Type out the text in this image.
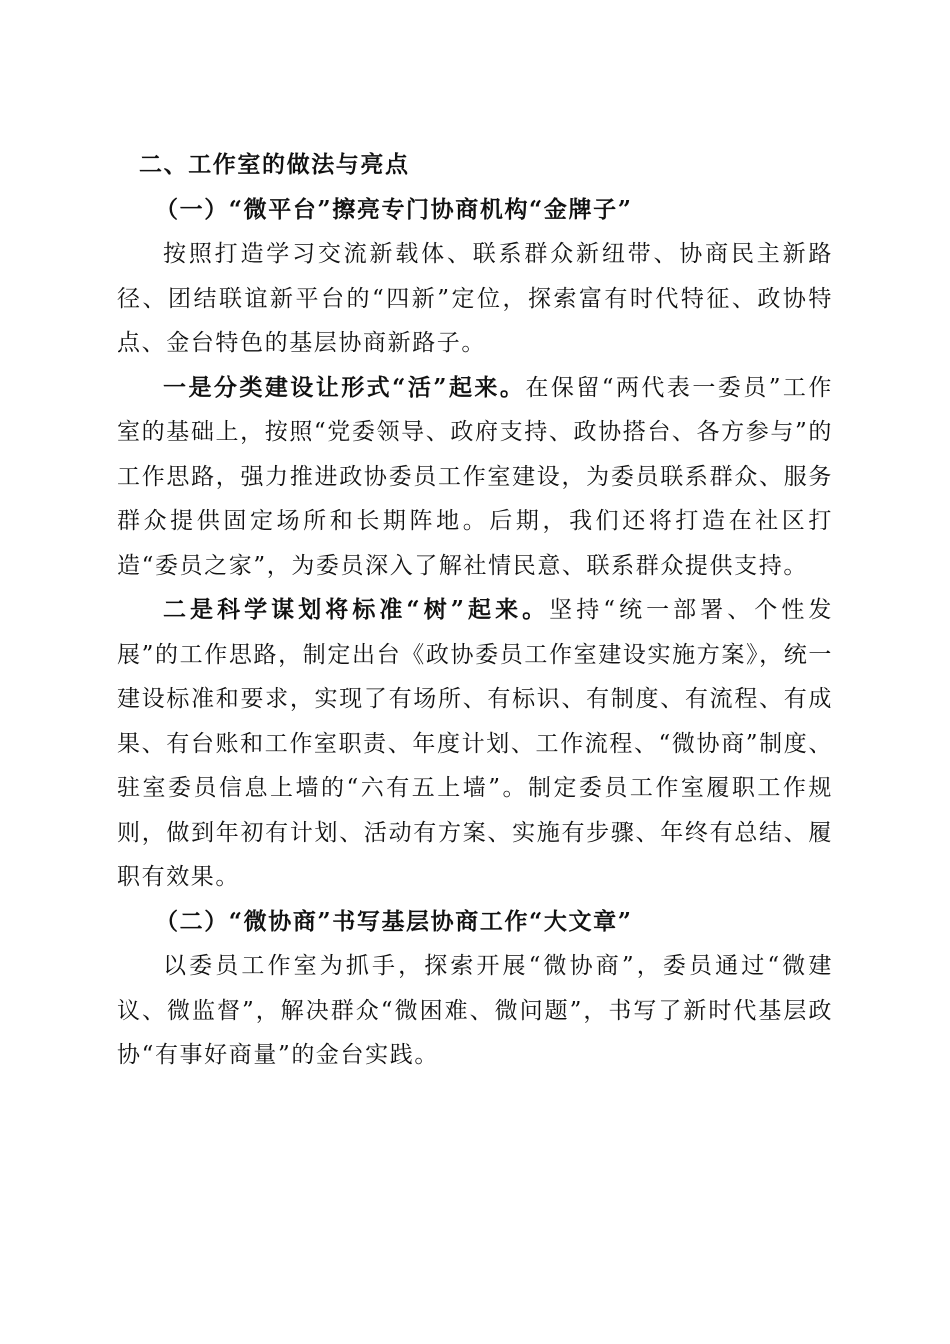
二、工作室的做法与亮点

（一）“微平台”擦亮专门协商机构“金牌子”

按照打造学习交流新载体、联系群众新纽带、协商民主新路径、团结联谊新平台的“四新”定位，探索富有时代特征、政协特点、金台特色的基层协商新路子。

一是分类建设让形式“活”起来。在保留“两代表一委员”工作室的基础上，按照“党委领导、政府支持、政协搭台、各方参与”的工作思路，强力推进政协委员工作室建设，为委员联系群众、服务群众提供固定场所和长期阵地。后期，我们还将打造在社区打造“委员之家”，为委员深入了解社情民意、联系群众提供支持。

二是科学谋划将标准“树”起来。坚持“统一部署、个性发展”的工作思路，制定出台《政协委员工作室建设实施方案》，统一建设标准和要求，实现了有场所、有标识、有制度、有流程、有成果、有台账和工作室职责、年度计划、工作流程、“微协商”制度、驻室委员信息上墙的“六有五上墙”。制定委员工作室履职工作规则，做到年初有计划、活动有方案、实施有步骤、年终有总结、履职有效果。

（二）“微协商”书写基层协商工作“大文章”

以委员工作室为抓手，探索开展“微协商”，委员通过“微建议、微监督”，解决群众“微困难、微问题”，书写了新时代基层政协“有事好商量”的金台实践。
